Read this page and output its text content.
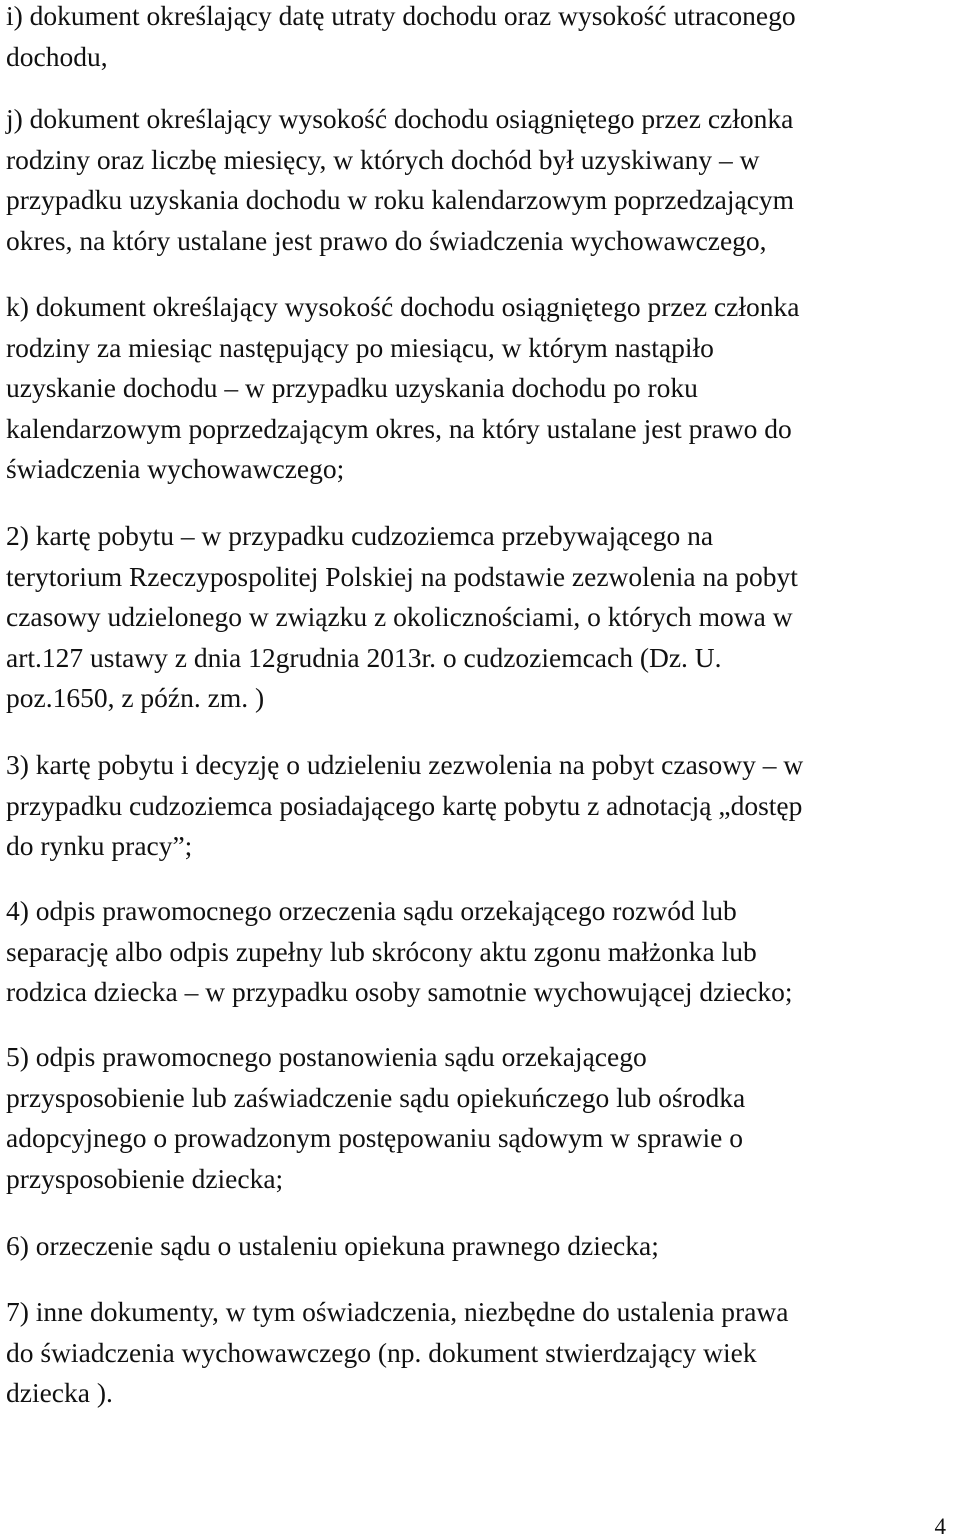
i) dokument określający datę utraty dochodu oraz wysokość utraconego
dochodu,

j) dokument określający wysokość dochodu osiągniętego przez członka
rodziny oraz liczbę miesięcy, w których dochód był uzyskiwany – w
przypadku uzyskania dochodu w roku kalendarzowym poprzedzającym
okres, na który ustalane jest prawo do świadczenia wychowawczego,

k) dokument określający wysokość dochodu osiągniętego przez członka
rodziny za miesiąc następujący po miesiącu, w którym nastąpiło
uzyskanie dochodu – w przypadku uzyskania dochodu po roku
kalendarzowym poprzedzającym okres, na który ustalane jest prawo do
świadczenia wychowawczego;

2) kartę pobytu – w przypadku cudzoziemca przebywającego na
terytorium Rzeczypospolitej Polskiej na podstawie zezwolenia na pobyt
czasowy udzielonego w związku z okolicznościami, o których mowa w
art.127 ustawy z dnia 12grudnia 2013r. o cudzoziemcach (Dz. U.
poz.1650, z późn. zm. )

3) kartę pobytu i decyzję o udzieleniu zezwolenia na pobyt czasowy – w
przypadku cudzoziemca posiadającego kartę pobytu z adnotacją „dostęp
do rynku pracy”;

4) odpis prawomocnego orzeczenia sądu orzekającego rozwód lub
separację albo odpis zupełny lub skrócony aktu zgonu małżonka lub
rodzica dziecka – w przypadku osoby samotnie wychowującej dziecko;

5) odpis prawomocnego postanowienia sądu orzekającego
przysposobienie lub zaświadczenie sądu opiekuńczego lub ośrodka
adopcyjnego o prowadzonym postępowaniu sądowym w sprawie o
przysposobienie dziecka;

6) orzeczenie sądu o ustaleniu opiekuna prawnego dziecka;

7) inne dokumenty, w tym oświadczenia, niezbędne do ustalenia prawa
do świadczenia wychowawczego (np. dokument stwierdzający wiek
dziecka ).

4
